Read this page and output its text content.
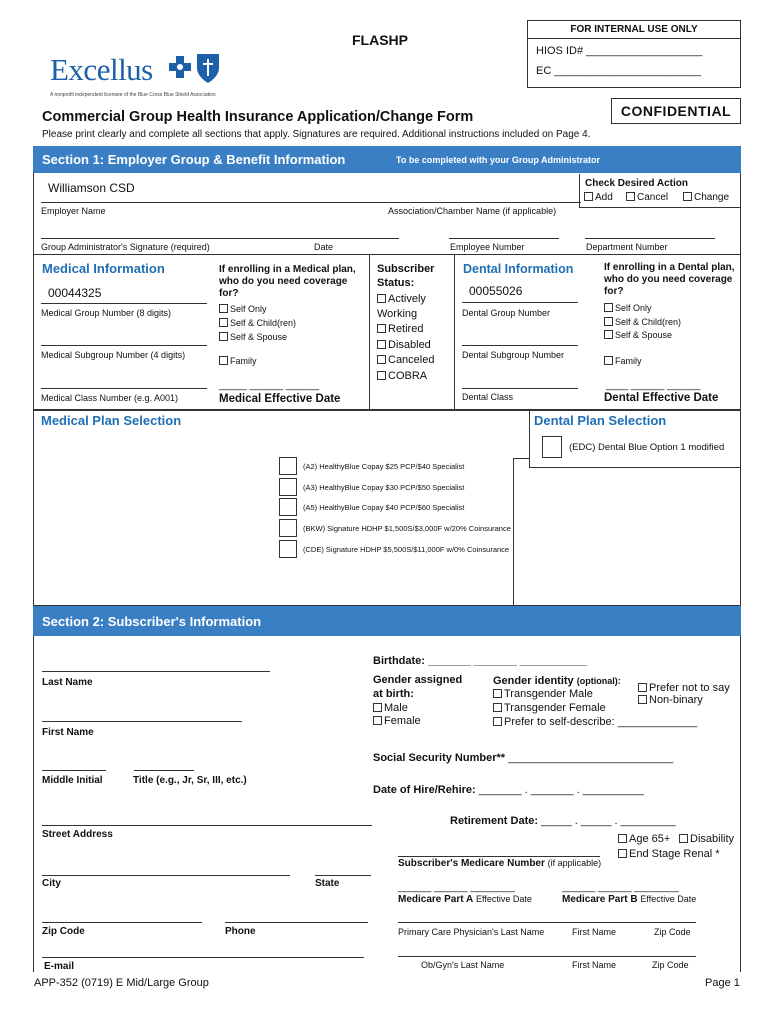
FLASHP
FOR INTERNAL USE ONLY
HIOS ID# ___________________
EC ________________________
Excellus
A nonprofit independent licensee of the Blue Cross Blue Shield Association
CONFIDENTIAL
Commercial Group Health Insurance Application/Change Form
Please print clearly and complete all sections that apply. Signatures are required. Additional instructions included on Page 4.
Section 1: Employer Group & Benefit Information	To be completed with your Group Administrator
Williamson CSD
Employer Name	Association/Chamber Name (if applicable)
Check Desired Action
Add	Cancel	Change
Group Administrator's Signature (required)	Date	Employee Number	Department Number
Medical Information
00044325
Medical Group Number (8 digits)
Medical Subgroup Number (4 digits)
Medical Class Number (e.g. A001)
If enrolling in a Medical plan, who do you need coverage for?
Self Only
Self & Child(ren)
Self & Spouse
Family
_____ ______ ______
Medical Effective Date
Subscriber Status:
Actively Working
Retired
Disabled
Canceled
COBRA
Dental Information
00055026
Dental Group Number
Dental Subgroup Number
Dental Class
If enrolling in a Dental plan, who do you need coverage for?
Self Only
Self & Child(ren)
Self & Spouse
Family
____ ______ ______
Dental Effective Date
Medical Plan Selection	Dental Plan Selection
(EDC) Dental Blue Option 1 modified
(A2) HealthyBlue Copay $25 PCP/$40 Specialist
(A3) HealthyBlue Copay $30 PCP/$50 Specialist
(A5) HealthyBlue Copay $40 PCP/$60 Specialist
(BKW) Signature HDHP $1,500S/$3,000F w/20% Coinsurance
(CDE) Signature HDHP $5,500S/$11,000F w/0% Coinsurance
Section 2: Subscriber's Information
Last Name
First Name
Middle Initial	Title (e.g., Jr, Sr, III, etc.)
Street Address
City	State
Zip Code	Phone
E-mail
Birthdate: _______ _______ ___________
Gender assigned at birth:
Male
Female
Gender identity (optional):
Transgender Male
Transgender Female
Prefer to self-describe: _____________
Prefer not to say
Non-binary
Social Security Number** ___________________________
Date of Hire/Rehire: _______ . _______ . __________
Retirement Date: _____ . _____ . _________
Age 65+	Disability
End Stage Renal *
Subscriber's Medicare Number (if applicable)
______ ______ ________	______ ______ ________
Medicare Part A Effective Date	Medicare Part B Effective Date
Primary Care Physician's Last Name	First Name	Zip Code
Ob/Gyn's Last Name	First Name	Zip Code
APP-352 (0719) E Mid/Large Group	Page 1
